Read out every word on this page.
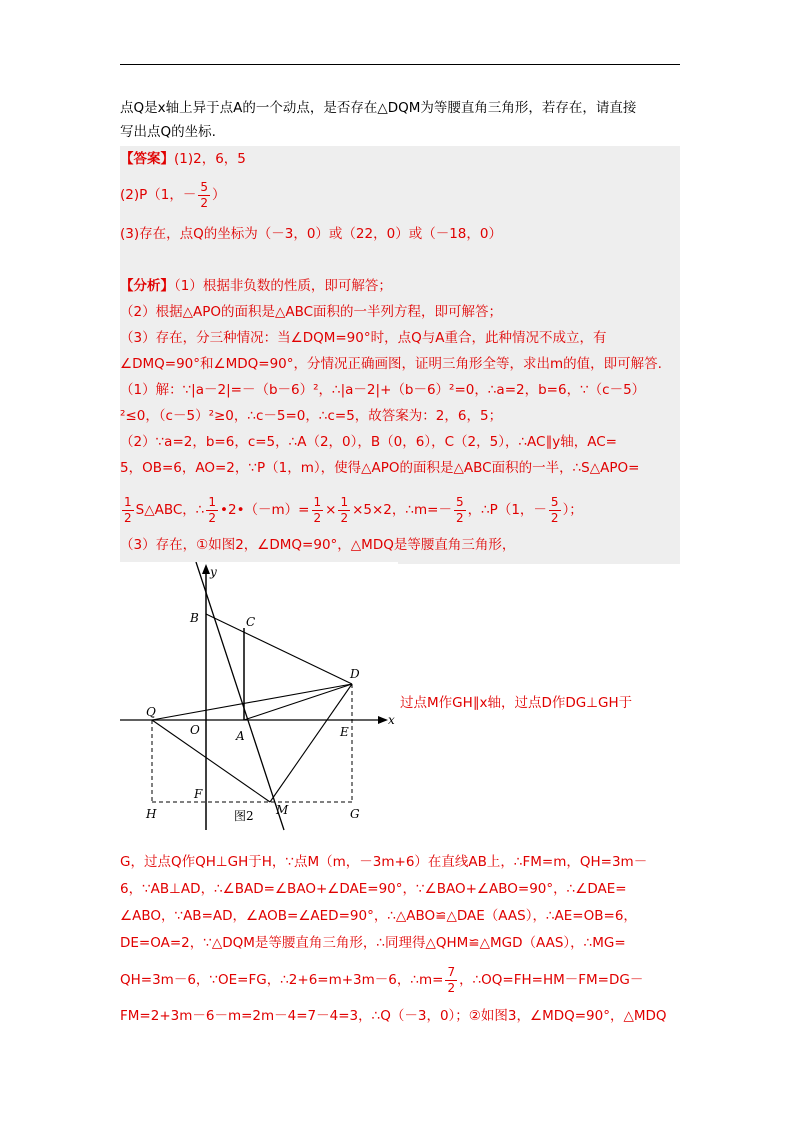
点Q是x轴上异于点A的一个动点，是否存在△DQM为等腰直角三角形，若存在，请直接
写出点Q的坐标.
【答案】(1)2，6，5
(2)P（1，－ $\frac{5}{2}$ ）
(3)存在，点Q的坐标为（－3，0）或（22，0）或（－18，0）
【分析】（1）根据非负数的性质，即可解答；
（2）根据△APO的面积是△ABC面积的一半列方程，即可解答；
（3）存在，分三种情况：当∠DQM=90°时，点Q与A重合，此种情况不成立，有
∠DMQ=90°和∠MDQ=90°，分情况正确画图，证明三角形全等，求出m的值，即可解答.
（1）解：∵|a－2|=－（b－6）²，∴|a－2|+（b－6）²=0，∴a=2，b=6，∵（c－5）
²≤0，（c－5）²≥0，∴c－5=0，∴c=5，故答案为：2，6，5；
（2）∵a=2，b=6，c=5，∴A（2，0），B（0，6），C（2，5），∴AC∥y轴，AC=
5，OB=6，AO=2，∵P（1，m），使得△APO的面积是△ABC面积的一半，∴S△APO=
$\frac{1}{2}$ S△ABC，∴ $\frac{1}{2}$ •2•（－m）= $\frac{1}{2} \times \frac{1}{2} \times 5\times 2$，∴m=－ $\frac{5}{2}$ ，∴P（1，－ $\frac{5}{2}$ ）；
（3）存在，①如图2，∠DMQ=90°，△MDQ是等腰直角三角形，
y
x
B	C
D
Q
O	A	E
F
M
H	G
图2
过点M作GH∥x轴，过点D作DG⊥GH于
G，过点Q作QH⊥GH于H，∵点M（m，－3m+6）在直线AB上，∴FM=m，QH=3m－
6，∵AB⊥AD，∴∠BAD=∠BAO+∠DAE=90°，∵∠BAO+∠ABO=90°，∴∠DAE=
∠ABO，∵AB=AD，∠AOB=∠AED=90°，∴△ABO≌△DAE（AAS），∴AE=OB=6，
DE=OA=2，∵△DQM是等腰直角三角形，∴同理得△QHM≌△MGD（AAS），∴MG=
QH=3m－6，∵OE=FG，∴2+6=m+3m－6，∴m= $\frac{7}{2}$ ，∴OQ=FH=HM－FM=DG－
FM=2+3m－6－m=2m－4=7－4=3，∴Q（－3，0）；②如图3，∠MDQ=90°，△MDQ
